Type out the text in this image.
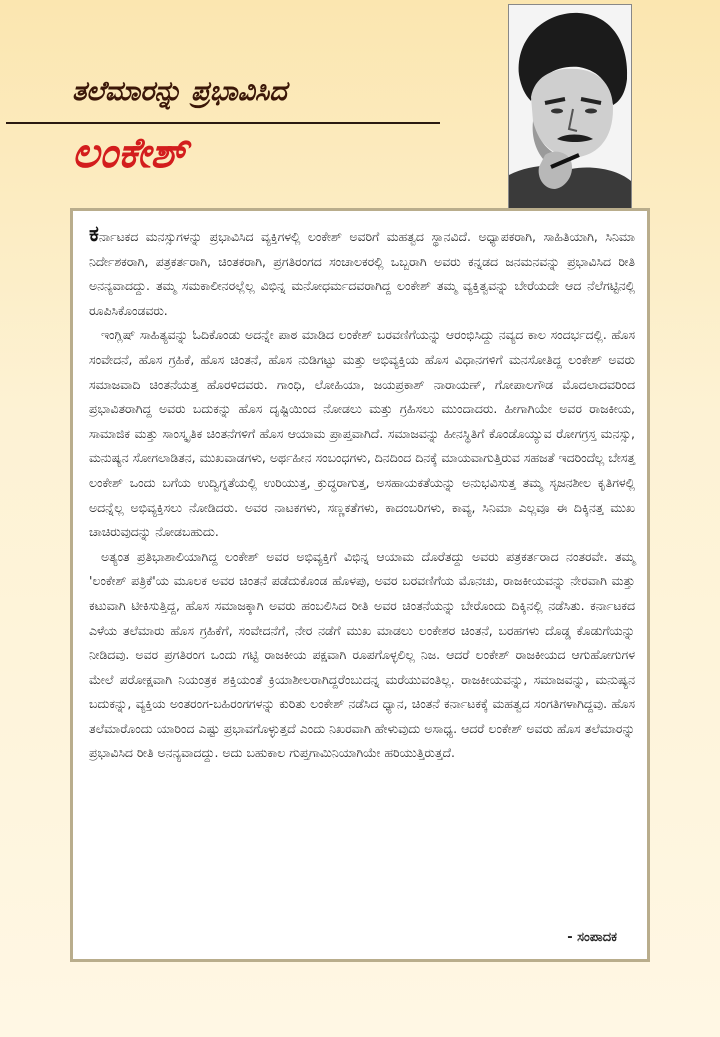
ತಲೆಮಾರನ್ನು ಪ್ರಭಾವಿಸಿದ
ಲಂಕೇಶ್

ಕರ್ನಾಟಕದ ಮನಸ್ಸುಗಳನ್ನು ಪ್ರಭಾವಿಸಿದ ವ್ಯಕ್ತಿಗಳಲ್ಲಿ ಲಂಕೇಶ್ ಅವರಿಗೆ ಮಹತ್ವದ ಸ್ಥಾನವಿದೆ. ಅಧ್ಯಾಪಕರಾಗಿ, ಸಾಹಿತಿಯಾಗಿ, ಸಿನಿಮಾ ನಿರ್ದೇಶಕರಾಗಿ, ಪತ್ರಕರ್ತರಾಗಿ, ಚಿಂತಕರಾಗಿ, ಪ್ರಗತಿರಂಗದ ಸಂಚಾಲಕರಲ್ಲಿ ಒಬ್ಬರಾಗಿ ಅವರು ಕನ್ನಡದ ಜನಮನವನ್ನು ಪ್ರಭಾವಿಸಿದ ರೀತಿ ಅನನ್ಯವಾದದ್ದು. ತಮ್ಮ ಸಮಕಾಲೀನರಲ್ಲೆಲ್ಲ ವಿಭಿನ್ನ ಮನೋಧರ್ಮದವರಾಗಿದ್ದ ಲಂಕೇಶ್ ತಮ್ಮ ವ್ಯಕ್ತಿತ್ವವನ್ನು ಬೇರೆಯದೇ ಆದ ನೆಲೆಗಟ್ಟಿನಲ್ಲಿ ರೂಪಿಸಿಕೊಂಡವರು.

ಇಂಗ್ಲಿಷ್ ಸಾಹಿತ್ಯವನ್ನು ಓದಿಕೊಂಡು ಅದನ್ನೇ ಪಾಠ ಮಾಡಿದ ಲಂಕೇಶ್ ಬರವಣಿಗೆಯನ್ನು ಆರಂಭಿಸಿದ್ದು ನವ್ಯದ ಕಾಲ ಸಂದರ್ಭದಲ್ಲಿ. ಹೊಸ ಸಂವೇದನೆ, ಹೊಸ ಗ್ರಹಿಕೆ, ಹೊಸ ಚಿಂತನೆ, ಹೊಸ ನುಡಿಗಟ್ಟು ಮತ್ತು ಅಭಿವ್ಯಕ್ತಿಯ ಹೊಸ ವಿಧಾನಗಳಿಗೆ ಮನಸೋತಿದ್ದ ಲಂಕೇಶ್ ಅವರು ಸಮಾಜವಾದಿ ಚಿಂತನೆಯತ್ತ ಹೊರಳಿದವರು. ಗಾಂಧಿ, ಲೋಹಿಯಾ, ಜಯಪ್ರಕಾಶ್ ನಾರಾಯಣ್, ಗೋಪಾಲಗೌಡ ಮೊದಲಾದವರಿಂದ ಪ್ರಭಾವಿತರಾಗಿದ್ದ ಅವರು ಬದುಕನ್ನು ಹೊಸ ದೃಷ್ಟಿಯಿಂದ ನೋಡಲು ಮತ್ತು ಗ್ರಹಿಸಲು ಮುಂದಾದರು. ಹೀಗಾಗಿಯೇ ಅವರ ರಾಜಕೀಯ, ಸಾಮಾಜಿಕ ಮತ್ತು ಸಾಂಸ್ಕೃತಿಕ ಚಿಂತನೆಗಳಿಗೆ ಹೊಸ ಆಯಾಮ ಪ್ರಾಪ್ತವಾಗಿದೆ. ಸಮಾಜವನ್ನು ಹೀನಸ್ಥಿತಿಗೆ ಕೊಂಡೊಯ್ಯುವ ರೋಗಗ್ರಸ್ತ ಮನಸ್ಸು, ಮನುಷ್ಯನ ಸೋಗಲಾಡಿತನ, ಮುಖವಾಡಗಳು, ಅರ್ಥಹೀನ ಸಂಬಂಧಗಳು, ದಿನದಿಂದ ದಿನಕ್ಕೆ ಮಾಯವಾಗುತ್ತಿರುವ ಸಹಜತೆ ಇದರಿಂದೆಲ್ಲ ಬೇಸತ್ತ ಲಂಕೇಶ್ ಒಂದು ಬಗೆಯ ಉದ್ವಿಗ್ನತೆಯಲ್ಲಿ ಉರಿಯುತ್ತ, ಕ್ರುದ್ಧರಾಗುತ್ತ, ಅಸಹಾಯಕತೆಯನ್ನು ಅನುಭವಿಸುತ್ತ ತಮ್ಮ ಸೃಜನಶೀಲ ಕೃತಿಗಳಲ್ಲಿ ಅದನ್ನೆಲ್ಲ ಅಭಿವ್ಯಕ್ತಿಸಲು ನೋಡಿದರು. ಅವರ ನಾಟಕಗಳು, ಸಣ್ಣಕತೆಗಳು, ಕಾದಂಬರಿಗಳು, ಕಾವ್ಯ, ಸಿನಿಮಾ ಎಲ್ಲವೂ ಈ ದಿಕ್ಕಿನತ್ತ ಮುಖ ಚಾಚಿರುವುದನ್ನು ನೋಡಬಹುದು.

ಅತ್ಯಂತ ಪ್ರತಿಭಾಶಾಲಿಯಾಗಿದ್ದ ಲಂಕೇಶ್ ಅವರ ಅಭಿವ್ಯಕ್ತಿಗೆ ವಿಭಿನ್ನ ಆಯಾಮ ದೊರೆತದ್ದು ಅವರು ಪತ್ರಕರ್ತರಾದ ನಂತರವೇ. ತಮ್ಮ 'ಲಂಕೇಶ್ ಪತ್ರಿಕೆ'ಯ ಮೂಲಕ ಅವರ ಚಿಂತನೆ ಪಡೆದುಕೊಂಡ ಹೊಳಪು, ಅವರ ಬರವಣಿಗೆಯ ಮೊನಚು, ರಾಜಕೀಯವನ್ನು ನೇರವಾಗಿ ಮತ್ತು ಕಟುವಾಗಿ ಟೀಕಿಸುತ್ತಿದ್ದ, ಹೊಸ ಸಮಾಜಕ್ಕಾಗಿ ಅವರು ಹಂಬಲಿಸಿದ ರೀತಿ ಅವರ ಚಿಂತನೆಯನ್ನು ಬೇರೊಂದು ದಿಕ್ಕಿನಲ್ಲಿ ನಡೆಸಿತು. ಕರ್ನಾಟಕದ ಎಳೆಯ ತಲೆಮಾರು ಹೊಸ ಗ್ರಹಿಕೆಗೆ, ಸಂವೇದನೆಗೆ, ನೇರ ನಡೆಗೆ ಮುಖ ಮಾಡಲು ಲಂಕೇಶರ ಚಿಂತನೆ, ಬರಹಗಳು ದೊಡ್ಡ ಕೊಡುಗೆಯನ್ನು ನೀಡಿದವು. ಅವರ ಪ್ರಗತಿರಂಗ ಒಂದು ಗಟ್ಟಿ ರಾಜಕೀಯ ಪಕ್ಷವಾಗಿ ರೂಪಗೊಳ್ಳಲಿಲ್ಲ ನಿಜ. ಆದರೆ ಲಂಕೇಶ್ ರಾಜಕೀಯದ ಆಗುಹೋಗುಗಳ ಮೇಲೆ ಪರೋಕ್ಷವಾಗಿ ನಿಯಂತ್ರಕ ಶಕ್ತಿಯಂತೆ ಕ್ರಿಯಾಶೀಲರಾಗಿದ್ದರೆಂಬುದನ್ನ ಮರೆಯುವಂತಿಲ್ಲ. ರಾಜಕೀಯವನ್ನು, ಸಮಾಜವನ್ನು, ಮನುಷ್ಯನ ಬದುಕನ್ನು, ವ್ಯಕ್ತಿಯ ಅಂತರಂಗ-ಬಹಿರಂಗಗಳನ್ನು ಕುರಿತು ಲಂಕೇಶ್ ನಡೆಸಿದ ಧ್ಯಾನ, ಚಿಂತನೆ ಕರ್ನಾಟಕಕ್ಕೆ ಮಹತ್ವದ ಸಂಗತಿಗಳಾಗಿದ್ದವು. ಹೊಸ ತಲೆಮಾರೊಂದು ಯಾರಿಂದ ಎಷ್ಟು ಪ್ರಭಾವಗೊಳ್ಳುತ್ತದೆ ಎಂದು ನಿಖರವಾಗಿ ಹೇಳುವುದು ಅಸಾಧ್ಯ. ಆದರೆ ಲಂಕೇಶ್ ಅವರು ಹೊಸ ತಲೆಮಾರನ್ನು ಪ್ರಭಾವಿಸಿದ ರೀತಿ ಅನನ್ಯವಾದದ್ದು. ಅದು ಬಹುಕಾಲ ಗುಪ್ತಗಾಮಿನಿಯಾಗಿಯೇ ಹರಿಯುತ್ತಿರುತ್ತದೆ.

- ಸಂಪಾದಕ
